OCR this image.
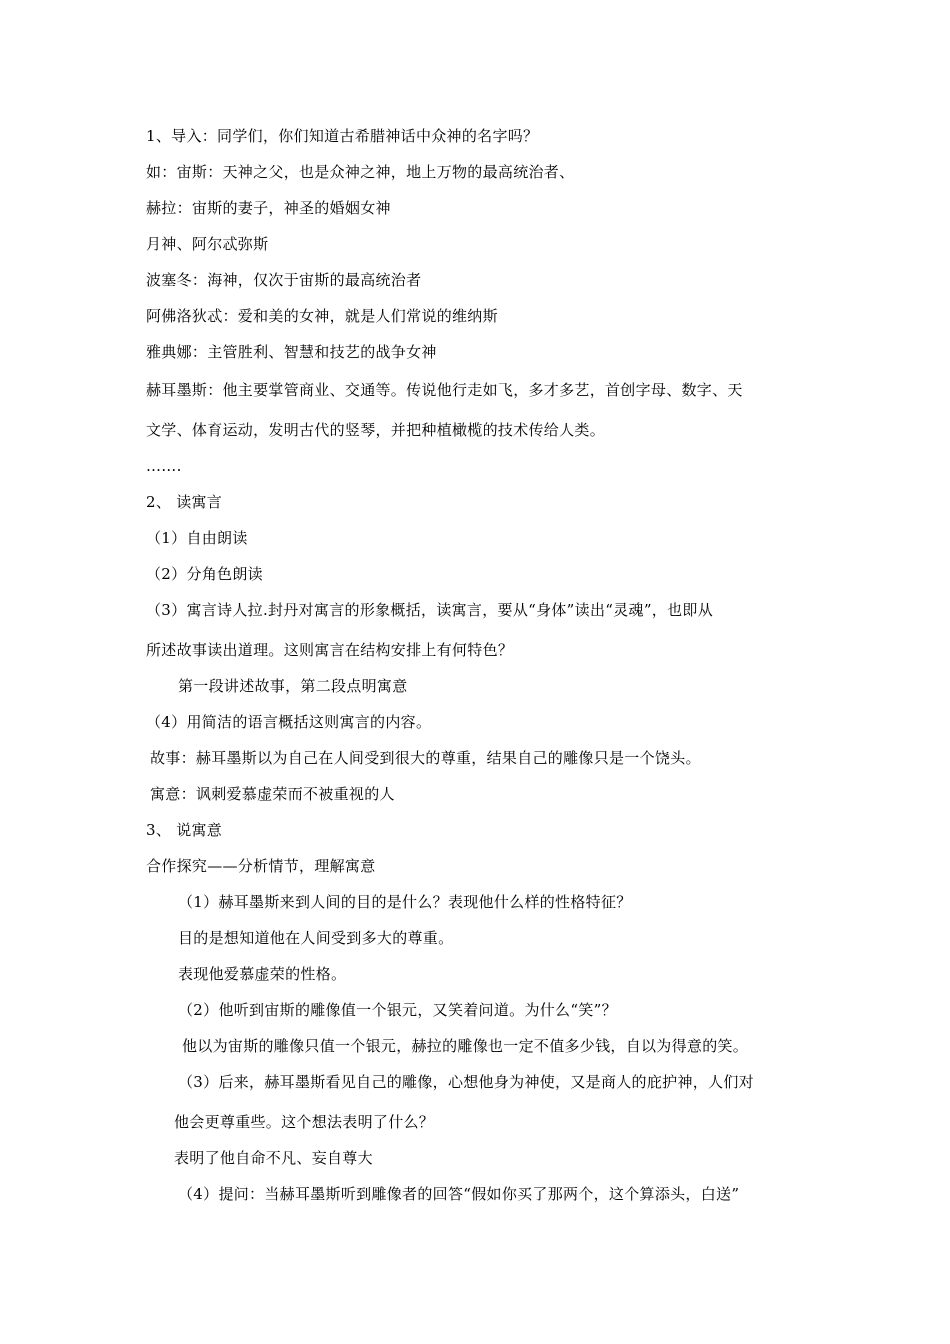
1、导入：同学们，你们知道古希腊神话中众神的名字吗？
如：宙斯：天神之父，也是众神之神，地上万物的最高统治者、
赫拉：宙斯的妻子，神圣的婚姻女神
月神、阿尔忒弥斯
波塞冬：海神，仅次于宙斯的最高统治者
阿佛洛狄忒：爱和美的女神，就是人们常说的维纳斯
雅典娜：主管胜利、智慧和技艺的战争女神
赫耳墨斯：他主要掌管商业、交通等。传说他行走如飞，多才多艺，首创字母、数字、天
文学、体育运动，发明古代的竖琴，并把种植橄榄的技术传给人类。
…….
2、 读寓言
（1）自由朗读
（2）分角色朗读
（3）寓言诗人拉.封丹对寓言的形象概括，读寓言，要从“身体”读出“灵魂”，也即从
所述故事读出道理。这则寓言在结构安排上有何特色？
第一段讲述故事，第二段点明寓意
（4）用简洁的语言概括这则寓言的内容。
故事：赫耳墨斯以为自己在人间受到很大的尊重，结果自己的雕像只是一个饶头。
寓意：讽刺爱慕虚荣而不被重视的人
3、 说寓意
合作探究——分析情节，理解寓意
（1）赫耳墨斯来到人间的目的是什么？表现他什么样的性格特征？
目的是想知道他在人间受到多大的尊重。
表现他爱慕虚荣的性格。
（2）他听到宙斯的雕像值一个银元，又笑着问道。为什么“笑”？
他以为宙斯的雕像只值一个银元，赫拉的雕像也一定不值多少钱，自以为得意的笑。
（3）后来，赫耳墨斯看见自己的雕像，心想他身为神使，又是商人的庇护神，人们对
他会更尊重些。这个想法表明了什么？
表明了他自命不凡、妄自尊大
（4）提问：当赫耳墨斯听到雕像者的回答“假如你买了那两个，这个算添头，白送”
